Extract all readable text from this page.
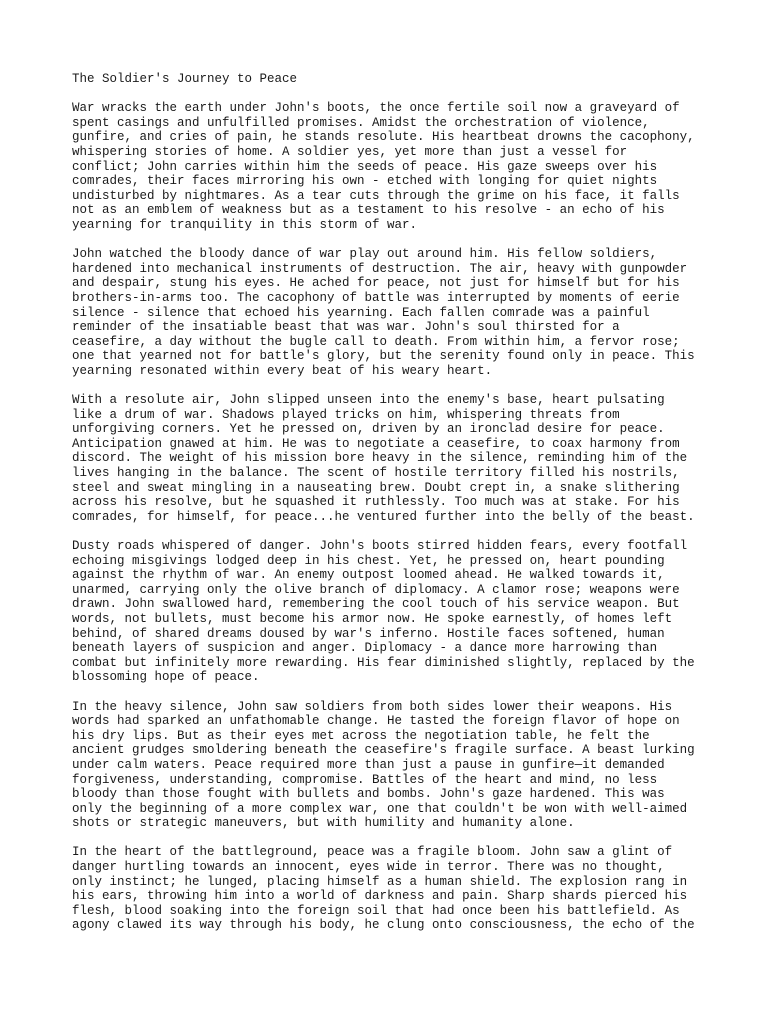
The Soldier's Journey to Peace
War wracks the earth under John's boots, the once fertile soil now a graveyard of
spent casings and unfulfilled promises. Amidst the orchestration of violence,
gunfire, and cries of pain, he stands resolute. His heartbeat drowns the cacophony,
whispering stories of home. A soldier yes, yet more than just a vessel for
conflict; John carries within him the seeds of peace. His gaze sweeps over his
comrades, their faces mirroring his own - etched with longing for quiet nights
undisturbed by nightmares. As a tear cuts through the grime on his face, it falls
not as an emblem of weakness but as a testament to his resolve - an echo of his
yearning for tranquility in this storm of war.
John watched the bloody dance of war play out around him. His fellow soldiers,
hardened into mechanical instruments of destruction. The air, heavy with gunpowder
and despair, stung his eyes. He ached for peace, not just for himself but for his
brothers-in-arms too. The cacophony of battle was interrupted by moments of eerie
silence - silence that echoed his yearning. Each fallen comrade was a painful
reminder of the insatiable beast that was war. John's soul thirsted for a
ceasefire, a day without the bugle call to death. From within him, a fervor rose;
one that yearned not for battle's glory, but the serenity found only in peace. This
yearning resonated within every beat of his weary heart.
With a resolute air, John slipped unseen into the enemy's base, heart pulsating
like a drum of war. Shadows played tricks on him, whispering threats from
unforgiving corners. Yet he pressed on, driven by an ironclad desire for peace.
Anticipation gnawed at him. He was to negotiate a ceasefire, to coax harmony from
discord. The weight of his mission bore heavy in the silence, reminding him of the
lives hanging in the balance. The scent of hostile territory filled his nostrils,
steel and sweat mingling in a nauseating brew. Doubt crept in, a snake slithering
across his resolve, but he squashed it ruthlessly. Too much was at stake. For his
comrades, for himself, for peace...he ventured further into the belly of the beast.
Dusty roads whispered of danger. John's boots stirred hidden fears, every footfall
echoing misgivings lodged deep in his chest. Yet, he pressed on, heart pounding
against the rhythm of war. An enemy outpost loomed ahead. He walked towards it,
unarmed, carrying only the olive branch of diplomacy. A clamor rose; weapons were
drawn. John swallowed hard, remembering the cool touch of his service weapon. But
words, not bullets, must become his armor now. He spoke earnestly, of homes left
behind, of shared dreams doused by war's inferno. Hostile faces softened, human
beneath layers of suspicion and anger. Diplomacy - a dance more harrowing than
combat but infinitely more rewarding. His fear diminished slightly, replaced by the
blossoming hope of peace.
In the heavy silence, John saw soldiers from both sides lower their weapons. His
words had sparked an unfathomable change. He tasted the foreign flavor of hope on
his dry lips. But as their eyes met across the negotiation table, he felt the
ancient grudges smoldering beneath the ceasefire's fragile surface. A beast lurking
under calm waters. Peace required more than just a pause in gunfire—it demanded
forgiveness, understanding, compromise. Battles of the heart and mind, no less
bloody than those fought with bullets and bombs. John's gaze hardened. This was
only the beginning of a more complex war, one that couldn't be won with well-aimed
shots or strategic maneuvers, but with humility and humanity alone.
In the heart of the battleground, peace was a fragile bloom. John saw a glint of
danger hurtling towards an innocent, eyes wide in terror. There was no thought,
only instinct; he lunged, placing himself as a human shield. The explosion rang in
his ears, throwing him into a world of darkness and pain. Sharp shards pierced his
flesh, blood soaking into the foreign soil that had once been his battlefield. As
agony clawed its way through his body, he clung onto consciousness, the echo of the
